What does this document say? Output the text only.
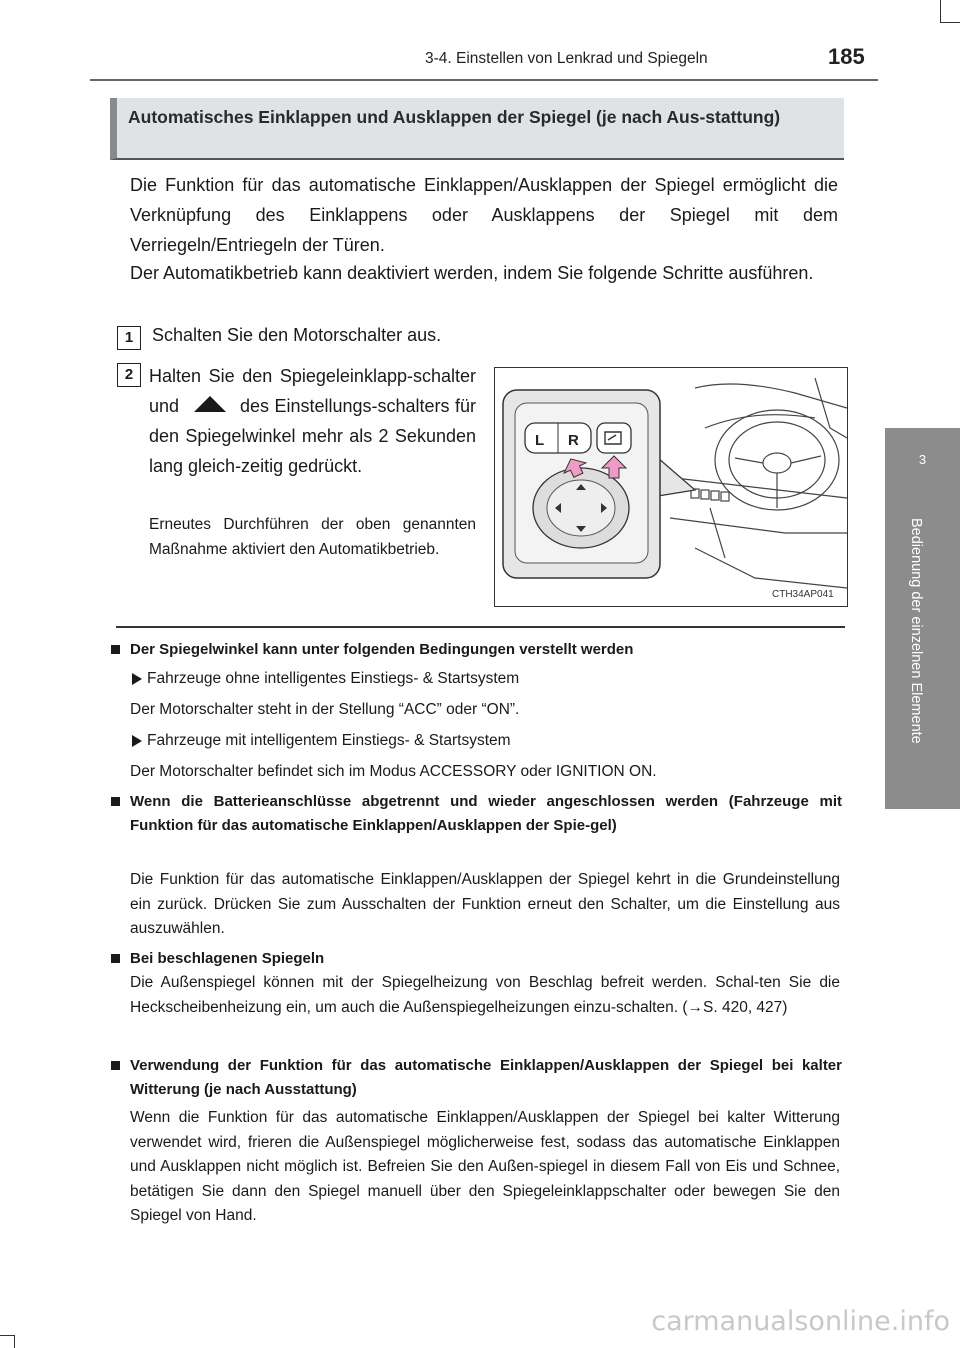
3-4. Einstellen von Lenkrad und Spiegeln	185
3
Bedienung der einzelnen Elemente
Automatisches Einklappen und Ausklappen der Spiegel (je nach Aus-stattung)
Die Funktion für das automatische Einklappen/Ausklappen der Spiegel ermöglicht die Verknüpfung des Einklappens oder Ausklappens der Spiegel mit dem Verriegeln/Entriegeln der Türen.
Der Automatikbetrieb kann deaktiviert werden, indem Sie folgende Schritte ausführen.
1	Schalten Sie den Motorschalter aus.
2 Halten Sie den Spiegeleinklapp-schalter und	des Einstellungs-schalters für den Spiegelwinkel mehr als 2 Sekunden lang gleich-zeitig gedrückt.
Erneutes Durchführen der oben genannten Maßnahme aktiviert den Automatikbetrieb.
L R
CTH34AP041
Der Spiegelwinkel kann unter folgenden Bedingungen verstellt werden
Fahrzeuge ohne intelligentes Einstiegs- & Startsystem
Der Motorschalter steht in der Stellung “ACC” oder “ON”.
Fahrzeuge mit intelligentem Einstiegs- & Startsystem
Der Motorschalter befindet sich im Modus ACCESSORY oder IGNITION ON.
Wenn die Batterieanschlüsse abgetrennt und wieder angeschlossen werden (Fahrzeuge mit Funktion für das automatische Einklappen/Ausklappen der Spie-gel)
Die Funktion für das automatische Einklappen/Ausklappen der Spiegel kehrt in die Grundeinstellung ein zurück. Drücken Sie zum Ausschalten der Funktion erneut den Schalter, um die Einstellung aus auszuwählen.
Bei beschlagenen Spiegeln
Die Außenspiegel können mit der Spiegelheizung von Beschlag befreit werden. Schal-ten Sie die Heckscheibenheizung ein, um auch die Außenspiegelheizungen einzu-schalten. (→S. 420, 427)
Verwendung der Funktion für das automatische Einklappen/Ausklappen der Spiegel bei kalter Witterung (je nach Ausstattung)
Wenn die Funktion für das automatische Einklappen/Ausklappen der Spiegel bei kalter Witterung verwendet wird, frieren die Außenspiegel möglicherweise fest, sodass das automatische Einklappen und Ausklappen nicht möglich ist. Befreien Sie den Außen-spiegel in diesem Fall von Eis und Schnee, betätigen Sie dann den Spiegel manuell über den Spiegeleinklappschalter oder bewegen Sie den Spiegel von Hand.
carmanualsonline.info
